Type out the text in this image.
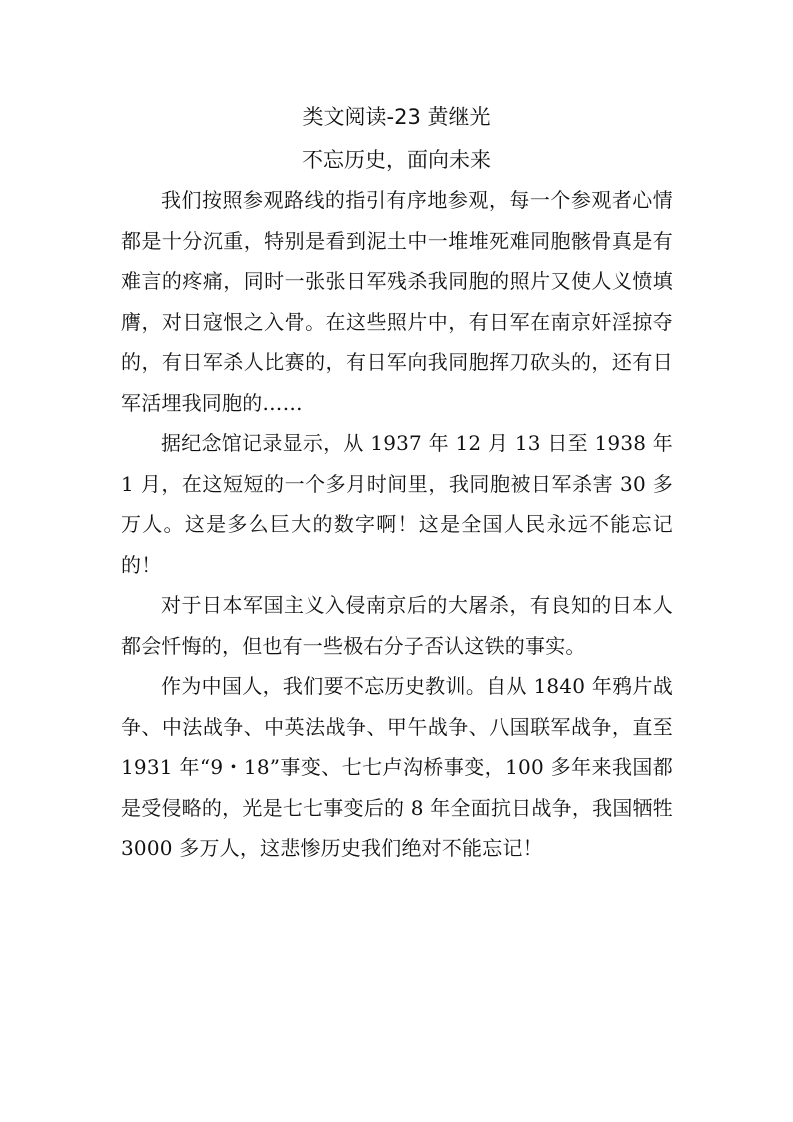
类文阅读-23 黄继光
不忘历史，面向未来

我们按照参观路线的指引有序地参观，每一个参观者心情都是十分沉重，特别是看到泥土中一堆堆死难同胞骸骨真是有难言的疼痛，同时一张张日军残杀我同胞的照片又使人义愤填膺，对日寇恨之入骨。在这些照片中，有日军在南京奸淫掠夺的，有日军杀人比赛的，有日军向我同胞挥刀砍头的，还有日军活埋我同胞的……

据纪念馆记录显示，从 1937 年 12 月 13 日至 1938 年 1 月，在这短短的一个多月时间里，我同胞被日军杀害 30 多万人。这是多么巨大的数字啊！这是全国人民永远不能忘记的！

对于日本军国主义入侵南京后的大屠杀，有良知的日本人都会忏悔的，但也有一些极右分子否认这铁的事实。

作为中国人，我们要不忘历史教训。自从 1840 年鸦片战争、中法战争、中英法战争、甲午战争、八国联军战争，直至 1931 年“9・18”事变、七七卢沟桥事变，100 多年来我国都是受侵略的，光是七七事变后的 8 年全面抗日战争，我国牺牲 3000 多万人，这悲惨历史我们绝对不能忘记！
